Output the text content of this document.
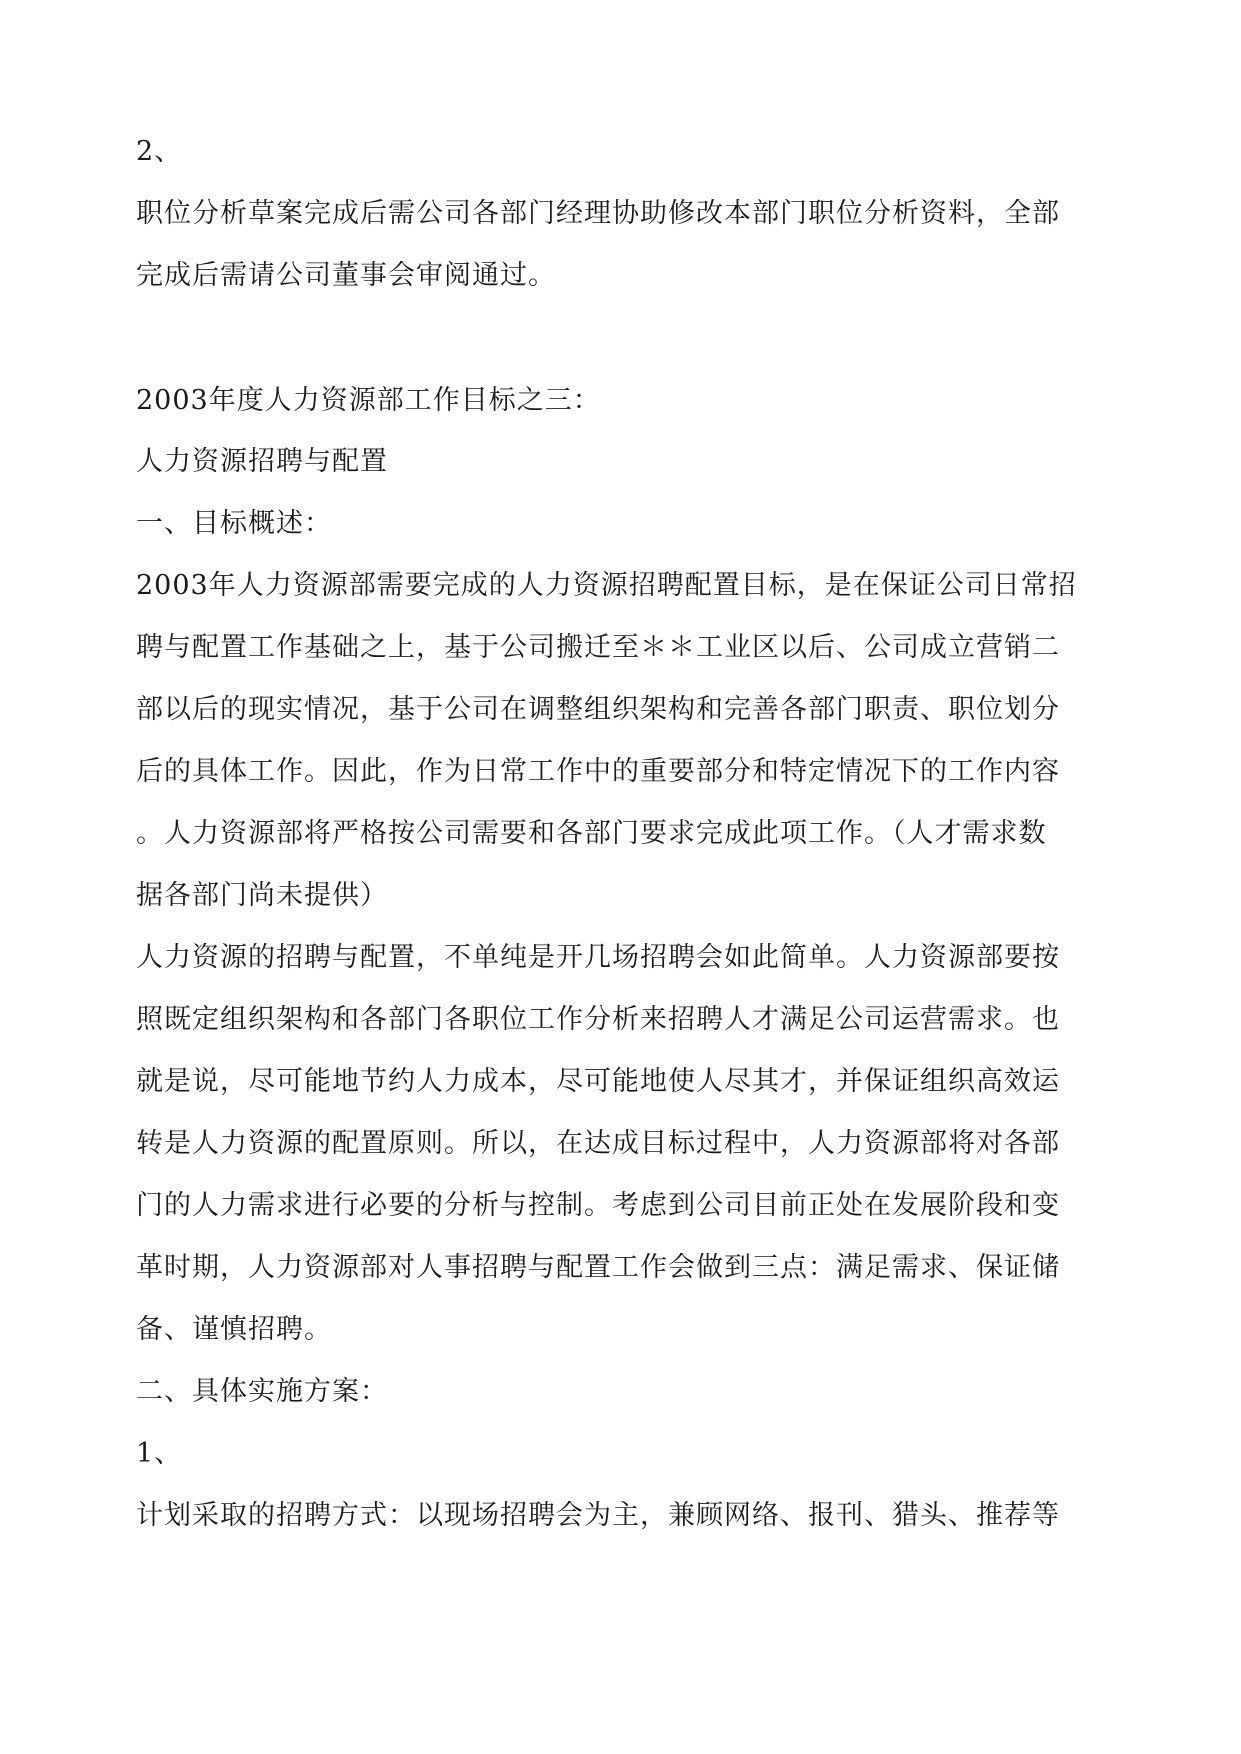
2、
职位分析草案完成后需公司各部门经理协助修改本部门职位分析资料，全部
完成后需请公司董事会审阅通过。
2003年度人力资源部工作目标之三：
人力资源招聘与配置
一、目标概述：
2003年人力资源部需要完成的人力资源招聘配置目标，是在保证公司日常招
聘与配置工作基础之上，基于公司搬迁至＊＊工业区以后、公司成立营销二
部以后的现实情况，基于公司在调整组织架构和完善各部门职责、职位划分
后的具体工作。因此，作为日常工作中的重要部分和特定情况下的工作内容
。人力资源部将严格按公司需要和各部门要求完成此项工作。（人才需求数
据各部门尚未提供）
人力资源的招聘与配置，不单纯是开几场招聘会如此简单。人力资源部要按
照既定组织架构和各部门各职位工作分析来招聘人才满足公司运营需求。也
就是说，尽可能地节约人力成本，尽可能地使人尽其才，并保证组织高效运
转是人力资源的配置原则。所以，在达成目标过程中，人力资源部将对各部
门的人力需求进行必要的分析与控制。考虑到公司目前正处在发展阶段和变
革时期，人力资源部对人事招聘与配置工作会做到三点：满足需求、保证储
备、谨慎招聘。
二、具体实施方案：
1、
计划采取的招聘方式：以现场招聘会为主，兼顾网络、报刊、猎头、推荐等
